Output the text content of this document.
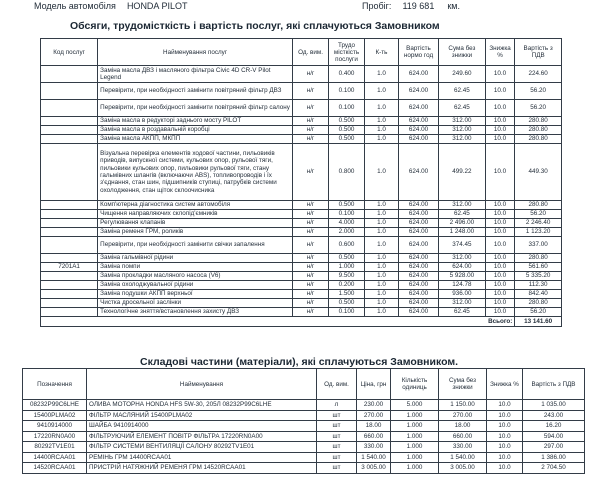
Модель автомобіля HONDA PILOT	Пробіг: 119 681 км.
Обсяги, трудомісткість і вартість послуг, які сплачуються Замовником
Код послуг	Найменування послуг	Од. вим.	Трудо місткість послуги	К-ть	Вартість нормо год	Сума без знижки	Знижка %	Вартість з ПДВ
	Заміна масла ДВЗ і масляного фільтра Civic 4D CR-V Pilot Legend	н/г	0.400	1.0	624.00	249.60	10.0	224.60
	Перевірити, при необхідності замінити повітряний фільтр ДВЗ	н/г	0.100	1.0	624.00	62.45	10.0	56.20
	Перевірити, при необхідності замінити повітряний фільтр салону	н/г	0.100	1.0	624.00	62.45	10.0	56.20
	Заміна масла в редукторі заднього мосту PILOT	н/г	0.500	1.0	624.00	312.00	10.0	280.80
	Заміна масла в роздавальній коробці	н/г	0.500	1.0	624.00	312.00	10.0	280.80
	Заміна масла АКПП, МКПП	н/г	0.500	1.0	624.00	312.00	10.0	280.80
	Візуальна перевірка елементів ходової частини, пильовиків приводів, випускної системи, кульових опор, рульової тяги, пильовики кульових опор, пильовики рульової тяги, стану гальмівних шлангів (включаючи ABS), топливопроводів і їх з'єднання, стан шин, підшипників ступиці, патрубків системи охолодження, стан щіток склоочисника	н/г	0.800	1.0	624.00	499.22	10.0	449.30
	Комп'ютерна діагностика систем автомобіля	н/г	0.500	1.0	624.00	312.00	10.0	280.80
	Чищення направляючих склопід'ємників	н/г	0.100	1.0	624.00	62.45	10.0	56.20
	Регулювання клапанів	н/г	4.000	1.0	624.00	2 496.00	10.0	2 246.40
	Заміна ременя ГРМ, роликів	н/г	2.000	1.0	624.00	1 248.00	10.0	1 123.20
	Перевірити, при необхідності замінити свічки запалення	н/г	0.600	1.0	624.00	374.45	10.0	337.00
	Заміна гальмівної рідини	н/г	0.500	1.0	624.00	312.00	10.0	280.80
7201A1	Заміна помпи	н/г	1.000	1.0	624.00	624.00	10.0	561.60
	Заміна прокладки масляного насоса (V6)	н/г	9.500	1.0	624.00	5 928.00	10.0	5 335.20
	Заміна охолоджувальної рідини	н/г	0.200	1.0	624.00	124.78	10.0	112.30
	Заміна подушки АКПП верхньої	н/г	1.500	1.0	624.00	936.00	10.0	842.40
	Чистка дросельної заслінки	н/г	0.500	1.0	624.00	312.00	10.0	280.80
	Технологічне зняття/встановлення захисту ДВЗ	н/г	0.100	1.0	624.00	62.45	10.0	56.20
Всього:								13 141.60
Складові частини (матеріали), які сплачуються Замовником.
Позначення	Найменування	Од. вим.	Ціна, грн	Кількість одиниць	Сума без знижки	Знижка %	Вартість з ПДВ
08232P99C6LHE	ОЛИВА МОТОРНА HONDA HFS 5W-30, 205Л 08232P99C6LHE	л	230.00	5.000	1 150.00	10.0	1 035.00
15400PLMA02	ФІЛЬТР МАСЛЯНИЙ 15400PLMA02	шт	270.00	1.000	270.00	10.0	243.00
9410914000	ШАЙБА 9410914000	шт	18.00	1.000	18.00	10.0	16.20
17220RN0A00	ФІЛЬТРУЮЧИЙ ЕЛЕМЕНТ ПОВІТР ФІЛЬТРА 17220RN0A00	шт	660.00	1.000	660.00	10.0	594.00
80292TV1E01	ФІЛЬТР СИСТЕМИ ВЕНТИЛЯЦІЇ САЛОНУ 80292TV1E01	шт	330.00	1.000	330.00	10.0	297.00
14400RCAA01	РЕМІНЬ ГРМ 14400RCAA01	шт	1 540.00	1.000	1 540.00	10.0	1 386.00
14520RCAA01	ПРИСТРІЙ НАТЯЖНИЙ РЕМЕНЯ ГРМ 14520RCAA01	шт	3 005.00	1.000	3 005.00	10.0	2 704.50
